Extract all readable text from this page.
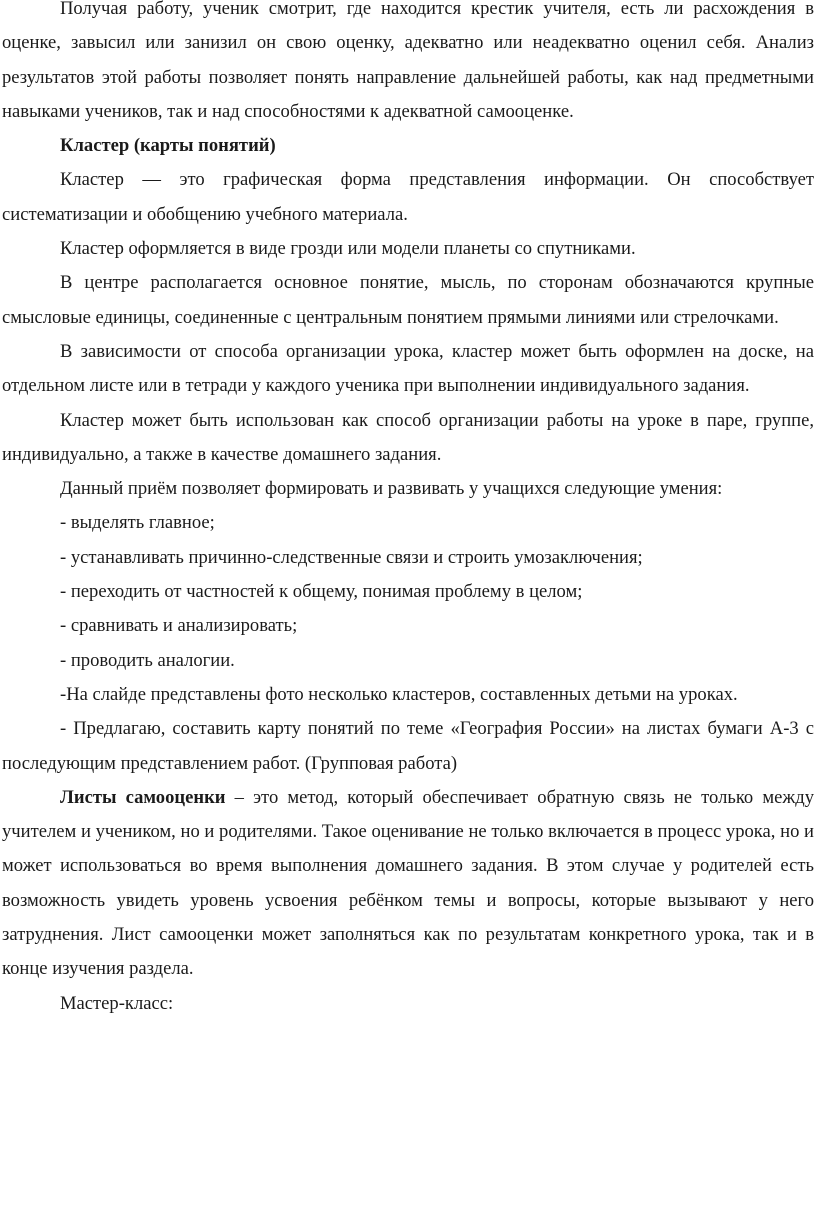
Получая работу, ученик смотрит, где находится крестик учителя, есть ли расхождения в оценке, завысил или занизил он свою оценку, адекватно или неадекватно оценил себя. Анализ результатов этой работы позволяет понять направление дальнейшей работы, как над предметными навыками учеников, так и над способностями к адекватной самооценке.

Кластер (карты понятий)

Кластер — это графическая форма представления информации. Он способствует систематизации и обобщению учебного материала.

Кластер оформляется в виде грозди или модели планеты со спутниками.

В центре располагается основное понятие, мысль, по сторонам обозначаются крупные смысловые единицы, соединенные с центральным понятием прямыми линиями или стрелочками.

В зависимости от способа организации урока, кластер может быть оформлен на доске, на отдельном листе или в тетради у каждого ученика при выполнении индивидуального задания.

Кластер может быть использован как способ организации работы на уроке в паре, группе, индивидуально, а также в качестве домашнего задания.

Данный приём позволяет формировать и развивать у учащихся следующие умения:

- выделять главное;

- устанавливать причинно-следственные связи и строить умозаключения;

- переходить от частностей к общему, понимая проблему в целом;

- сравнивать и анализировать;

- проводить аналогии.

-На слайде представлены фото несколько кластеров, составленных детьми на уроках.

- Предлагаю, составить карту понятий по теме «География России» на листах бумаги А-3 с последующим представлением работ. (Групповая работа)

Листы самооценки – это метод, который обеспечивает обратную связь не только между учителем и учеником, но и родителями. Такое оценивание не только включается в процесс урока, но и может использоваться во время выполнения домашнего задания. В этом случае у родителей есть возможность увидеть уровень усвоения ребёнком темы и вопросы, которые вызывают у него затруднения. Лист самооценки может заполняться как по результатам конкретного урока, так и в конце изучения раздела.

Мастер-класс:
